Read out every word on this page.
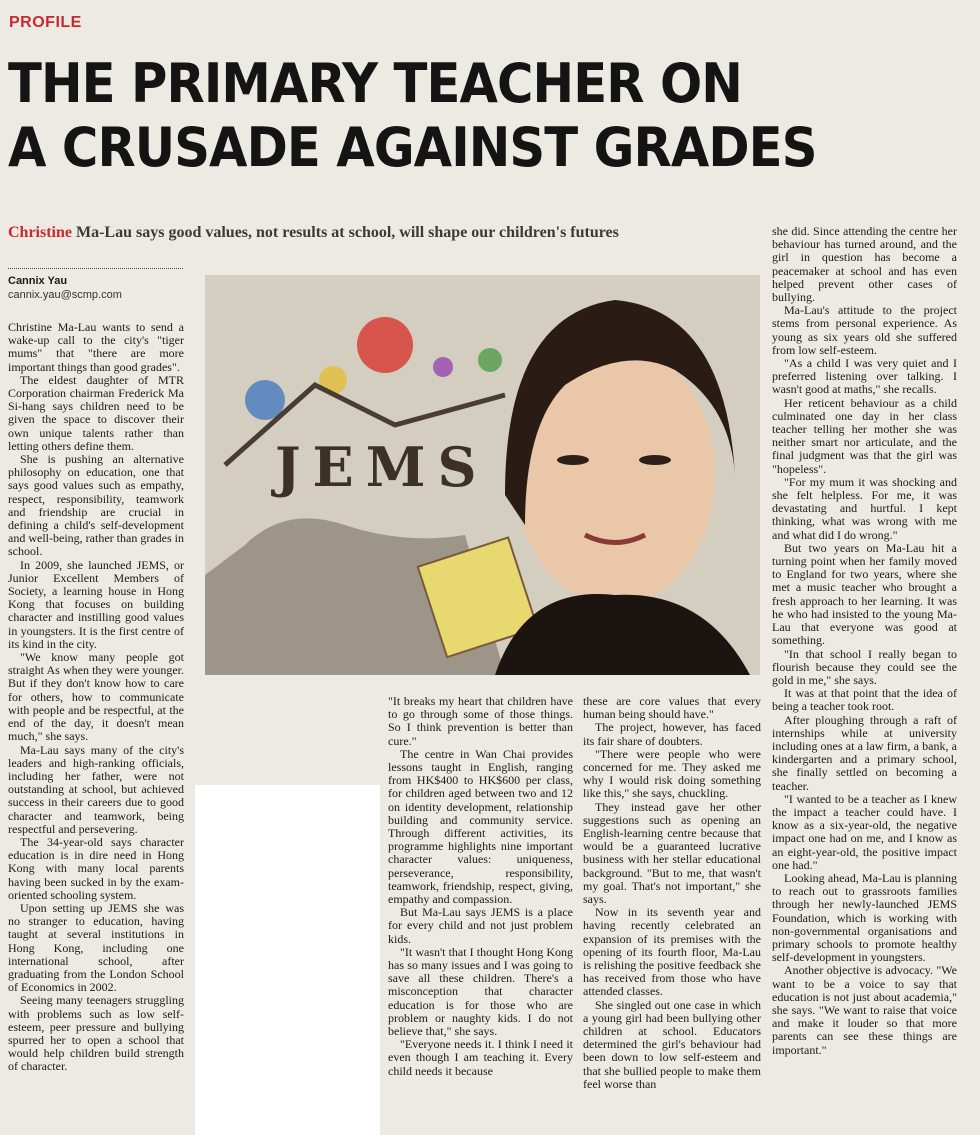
PROFILE
THE PRIMARY TEACHER ON
A CRUSADE AGAINST GRADES
Christine Ma-Lau says good values, not results at school, will shape our children's futures
Cannix Yau
cannix.yau@scmp.com
JEMS

Christine Ma-Lau wants to send a wake-up call to the city's "tiger mums" that "there are more important things than good grades".

The eldest daughter of MTR Corporation chairman Frederick Ma Si-hang says children need to be given the space to discover their own unique talents rather than letting others define them.

She is pushing an alternative philosophy on education, one that says good values such as empathy, respect, responsibility, teamwork and friendship are crucial in defining a child's self-development and well-being, rather than grades in school.

In 2009, she launched JEMS, or Junior Excellent Members of Society, a learning house in Hong Kong that focuses on building character and instilling good values in youngsters. It is the first centre of its kind in the city.

"We know many people got straight As when they were younger. But if they don't know how to care for others, how to communicate with people and be respectful, at the end of the day, it doesn't mean much," she says.

Ma-Lau says many of the city's leaders and high-ranking officials, including her father, were not outstanding at school, but achieved success in their careers due to good character and teamwork, being respectful and persevering.

The 34-year-old says character education is in dire need in Hong Kong with many local parents having been sucked in by the exam-oriented schooling system.

Upon setting up JEMS she was no stranger to education, having taught at several institutions in Hong Kong, including one international school, after graduating from the London School of Economics in 2002.

Seeing many teenagers struggling with problems such as low self-esteem, peer pressure and bullying spurred her to open a school that would help children build strength of character.

"It breaks my heart that children have to go through some of those things. So I think prevention is better than cure."

The centre in Wan Chai provides lessons taught in English, ranging from HK$400 to HK$600 per class, for children aged between two and 12 on identity development, relationship building and community service. Through different activities, its programme highlights nine important character values: uniqueness, perseverance, responsibility, teamwork, friendship, respect, giving, empathy and compassion.

But Ma-Lau says JEMS is a place for every child and not just problem kids.

"It wasn't that I thought Hong Kong has so many issues and I was going to save all these children. There's a misconception that character education is for those who are problem or naughty kids. I do not believe that," she says.

"Everyone needs it. I think I need it even though I am teaching it. Every child needs it because

these are core values that every human being should have."

The project, however, has faced its fair share of doubters.

"There were people who were concerned for me. They asked me why I would risk doing something like this," she says, chuckling.

They instead gave her other suggestions such as opening an English-learning centre because that would be a guaranteed lucrative business with her stellar educational background. "But to me, that wasn't my goal. That's not important," she says.

Now in its seventh year and having recently celebrated an expansion of its premises with the opening of its fourth floor, Ma-Lau is relishing the positive feedback she has received from those who have attended classes.

She singled out one case in which a young girl had been bullying other children at school. Educators determined the girl's behaviour had been down to low self-esteem and that she bullied people to make them feel worse than

she did. Since attending the centre her behaviour has turned around, and the girl in question has become a peacemaker at school and has even helped prevent other cases of bullying.

Ma-Lau's attitude to the project stems from personal experience. As young as six years old she suffered from low self-esteem.

"As a child I was very quiet and I preferred listening over talking. I wasn't good at maths," she recalls.

Her reticent behaviour as a child culminated one day in her class teacher telling her mother she was neither smart nor articulate, and the final judgment was that the girl was "hopeless".

"For my mum it was shocking and she felt helpless. For me, it was devastating and hurtful. I kept thinking, what was wrong with me and what did I do wrong."

But two years on Ma-Lau hit a turning point when her family moved to England for two years, where she met a music teacher who brought a fresh approach to her learning. It was he who had insisted to the young Ma-Lau that everyone was good at something.

"In that school I really began to flourish because they could see the gold in me," she says.

It was at that point that the idea of being a teacher took root.

After ploughing through a raft of internships while at university including ones at a law firm, a bank, a kindergarten and a primary school, she finally settled on becoming a teacher.

"I wanted to be a teacher as I knew the impact a teacher could have. I know as a six-year-old, the negative impact one had on me, and I know as an eight-year-old, the positive impact one had."

Looking ahead, Ma-Lau is planning to reach out to grassroots families through her newly-launched JEMS Foundation, which is working with non-governmental organisations and primary schools to promote healthy self-development in youngsters.

Another objective is advocacy. "We want to be a voice to say that education is not just about academia," she says. "We want to raise that voice and make it louder so that more parents can see these things are important."
